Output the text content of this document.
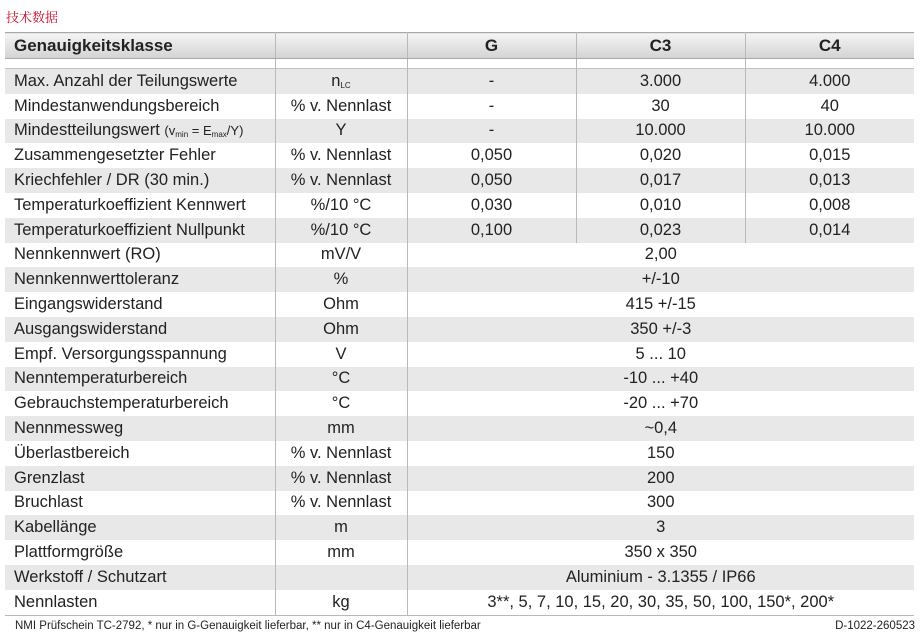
技术数据
Genauigkeitsklasse		G	C3	C4

Max. Anzahl der Teilungswerte	$n_{LC}$	-	3.000	4.000
Mindestanwendungsbereich	% v. Nennlast	-	30	40
Mindestteilungswert $(v_{min} = E_{max}/Y)$	Y	-	10.000	10.000
Zusammengesetzter Fehler	% v. Nennlast	0,050	0,020	0,015
Kriechfehler / DR (30 min.)	% v. Nennlast	0,050	0,017	0,013
Temperaturkoeffizient Kennwert	%/10 °C	0,030	0,010	0,008
Temperaturkoeffizient Nullpunkt	%/10 °C	0,100	0,023	0,014
Nennkennwert (RO)	mV/V	2,00		
Nennkennwerttoleranz	%	+/-10		
Eingangswiderstand	Ohm	415 +/-15		
Ausgangswiderstand	Ohm	350 +/-3		
Empf. Versorgungsspannung	V	5 ... 10		
Nenntemperaturbereich	°C	-10 ... +40		
Gebrauchstemperaturbereich	°C	-20 ... +70		
Nennmessweg	mm	~0,4		
Überlastbereich	% v. Nennlast	150		
Grenzlast	% v. Nennlast	200		
Bruchlast	% v. Nennlast	300		
Kabellänge	m	3		
Plattformgröße	mm	350 x 350		
Werkstoff / Schutzart		Aluminium - 3.1355 / IP66		
Nennlasten	kg	3**, 5, 7, 10, 15, 20, 30, 35, 50, 100, 150*, 200*		
NMI Prüfschein TC-2792, * nur in G-Genauigkeit lieferbar, ** nur in C4-Genauigkeit lieferbar	D-1022-260523
